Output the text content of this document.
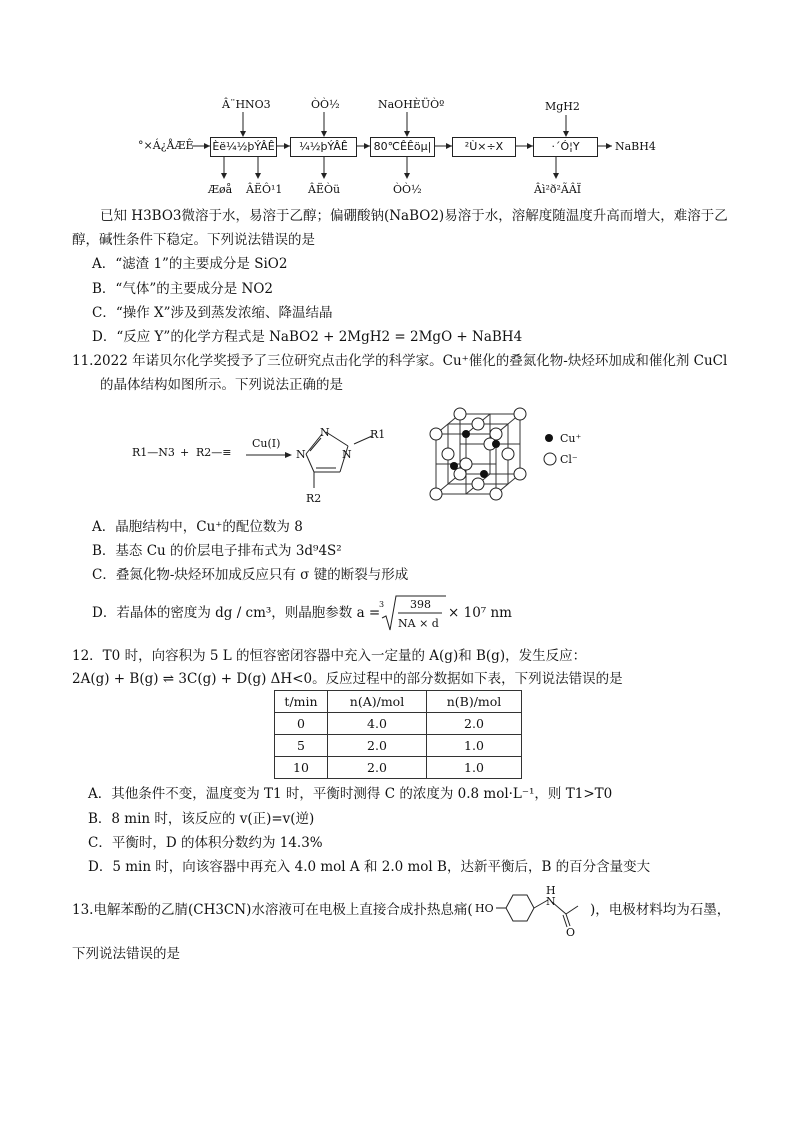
Â¨HNO3	ÒÒ½	NaOHÈÜÒº	MgH2
°×Á¿ÅÆÊ Èë¼½þÝÂÊ	¼½þÝÂÊ	80℃ÊÊöµ|	²Ù×÷X	·´Ó¦Y	NaBH4
Æøå ÂËÔ¹1 ÂËÒü	ÒÒ½	Âì²ð²ÃÂÏ
已知 H3BO3微溶于水，易溶于乙醇；偏硼酸钠(NaBO2)易溶于水，溶解度随温度升高而增大，难溶于乙
醇，碱性条件下稳定。下列说法错误的是
A．“滤渣 1”的主要成分是 SiO2
B．“气体”的主要成分是 NO2
C．“操作 X”涉及到蒸发浓缩、降温结晶
D．“反应 Y”的化学方程式是 NaBO2 + 2MgH2 = 2MgO + NaBH4
11.2022 年诺贝尔化学奖授予了三位研究点击化学的科学家。Cu⁺催化的叠氮化物-炔烃环加成和催化剂 CuCl
的晶体结构如图所示。下列说法正确的是
R1—N3 + R2—≡
Cu(I)
N
N
N
R1
R2
Cu⁺
Cl⁻
A．晶胞结构中，Cu⁺的配位数为 8
B．基态 Cu 的价层电子排布式为 3d⁹4S²
C．叠氮化物-炔烃环加成反应只有 σ 键的断裂与形成
D．若晶体的密度为 dg / cm³，则晶胞参数 a =
3 398
NA × d
× 10⁷ nm
12．T0 时，向容积为 5 L 的恒容密闭容器中充入一定量的 A(g)和 B(g)，发生反应：
2A(g) + B(g) ⇌ 3C(g) + D(g) ΔH<0。反应过程中的部分数据如下表，下列说法错误的是
t/min	n(A)/mol	n(B)/mol
0	4.0	2.0
5	2.0	1.0
10	2.0	1.0
A．其他条件不变，温度变为 T1 时，平衡时测得 C 的浓度为 0.8 mol·L⁻¹，则 T1>T0
B．8 min 时，该反应的 v(正)=v(逆)
C．平衡时，D 的体积分数约为 14.3%
D．5 min 时，向该容器中再充入 4.0 mol A 和 2.0 mol B，达新平衡后，B 的百分含量变大
13.电解苯酚的乙腈(CH3CN)水溶液可在电极上直接合成扑热息痛( HO
N
H
O
)，电极材料均为石墨，
下列说法错误的是
